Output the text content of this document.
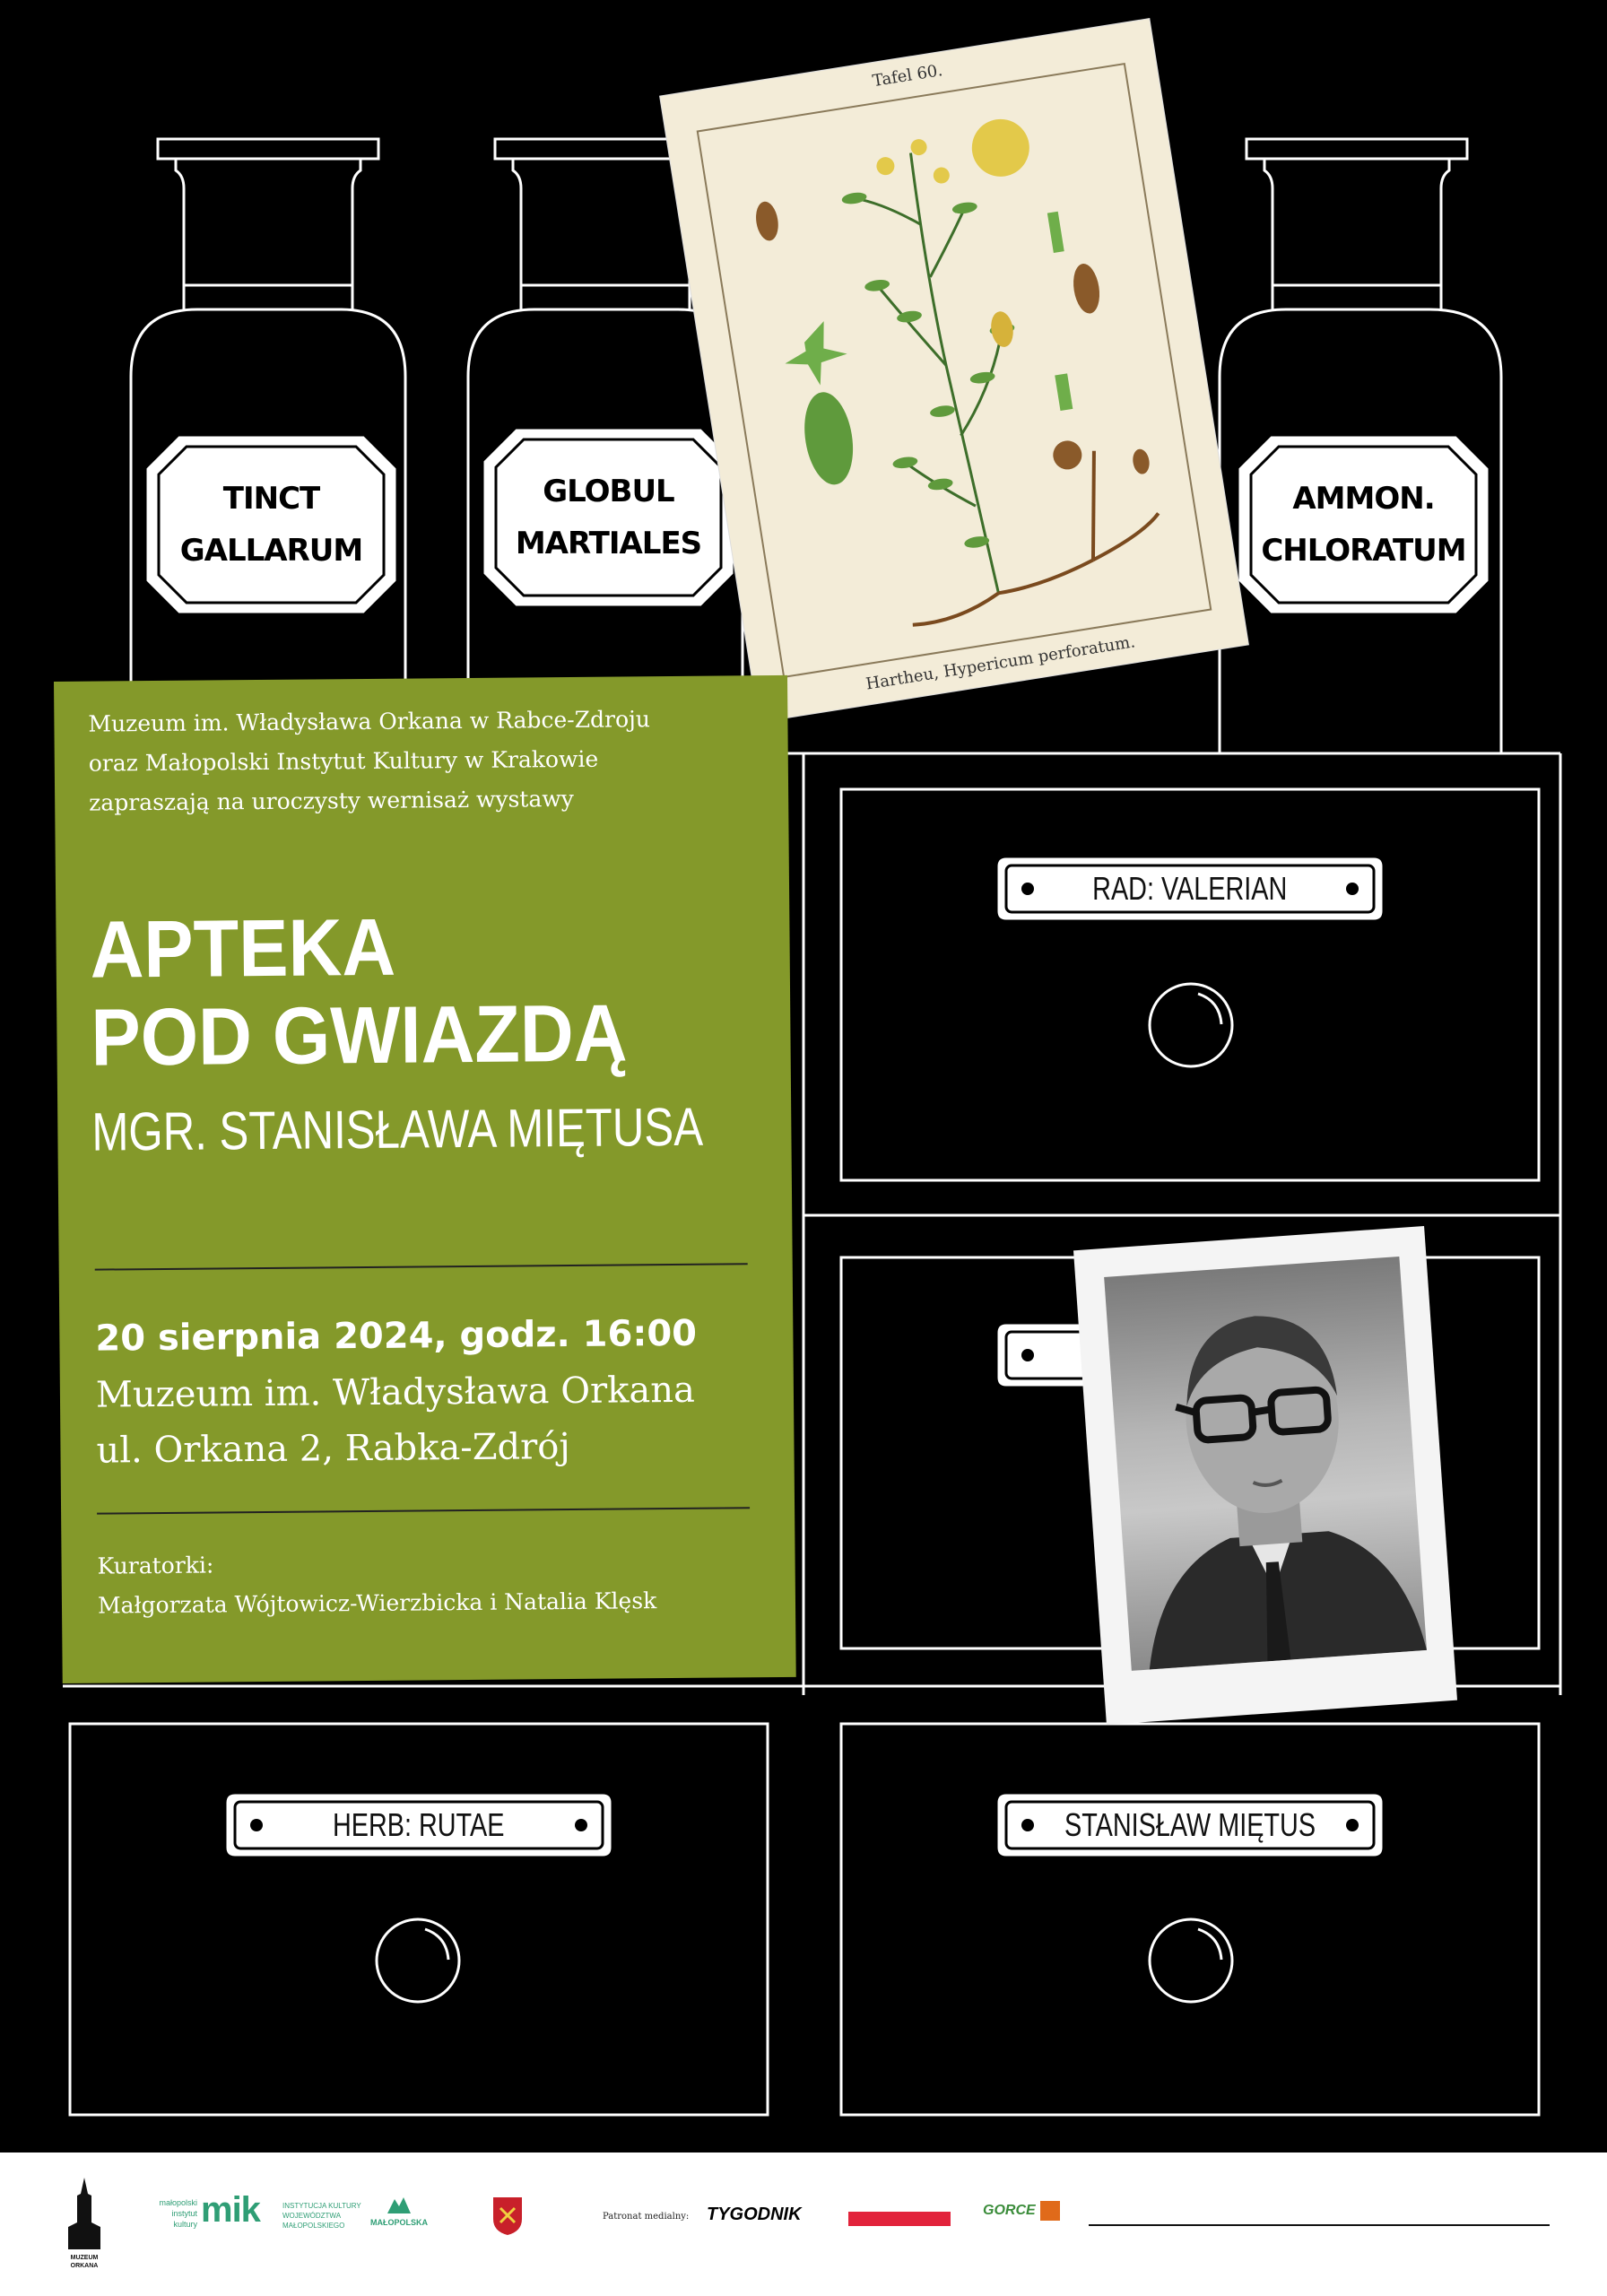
TINCT
GALLARUM
GLOBUL
MARTIALES
AMMON.
CHLORATUM
RAD: VALERIAN
HERB: RUTAE	STANISŁAW MIĘTUS
Tafel 60.
Hartheu, Hypericum perforatum.
Muzeum im. Władysława Orkana w Rabce-Zdroju
oraz Małopolski Instytut Kultury w Krakowie
zapraszają na uroczysty wernisaż wystawy
APTEKA
POD GWIAZDĄ
MGR. STANISŁAWA MIĘTUSA
20 sierpnia 2024, godz. 16:00
Muzeum im. Władysława Orkana
ul. Orkana 2, Rabka-Zdrój
Kuratorki:
Małgorzata Wójtowicz-Wierzbicka i Natalia Klęsk
MUZEUM ORKANA
małopolski
instytut
kultury mik	INSTYTUCJA KULTURY
WOJEWÓDZTWA
MAŁOPOLSKIEGO	MAŁOPOLSKA
Patronat medialny: TYGODNIK	GORCE
